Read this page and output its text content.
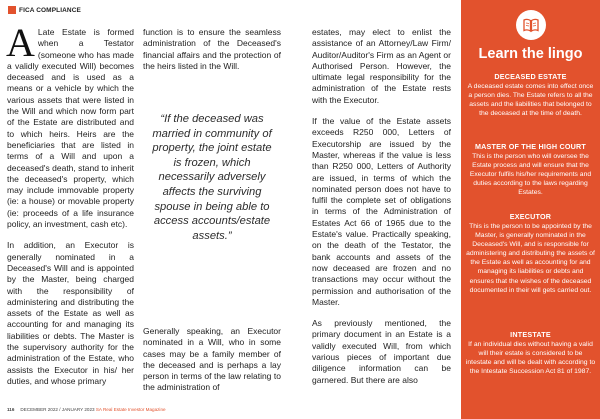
FICA COMPLIANCE

A Late Estate is formed when a Testator (someone who has made a validly executed Will) becomes deceased and is used as a means or a vehicle by which the various assets that were listed in the Will and which now form part of the Estate are distributed and to which heirs. Heirs are the beneficiaries that are listed in terms of a Will and upon a deceased's death, stand to inherit the deceased's property, which may include immovable property (ie: a house) or movable property (ie: proceeds of a life insurance policy, an investment, cash etc).

In addition, an Executor is generally nominated in a Deceased's Will and is appointed by the Master, being charged with the responsibility of administering and distributing the assets of the Estate as well as accounting for and managing its liabilities or debts. The Master is the supervisory authority for the administration of the Estate, who assists the Executor in his/ her duties, and whose primary

function is to ensure the seamless administration of the Deceased's financial affairs and the protection of the heirs listed in the Will.

“If the deceased was married in community of property, the joint estate is frozen, which necessarily adversely affects the surviving spouse in being able to access accounts/estate assets.”

Generally speaking, an Executor nominated in a Will, who in some cases may be a family member of the deceased and is perhaps a lay person in terms of the law relating to the administration of

estates, may elect to enlist the assistance of an Attorney/Law Firm/ Auditor/Auditor's Firm as an Agent or Authorised Person. However, the ultimate legal responsibility for the administration of the Estate rests with the Executor.

If the value of the Estate assets exceeds R250 000, Letters of Executorship are issued by the Master, whereas if the value is less than R250 000, Letters of Authority are issued, in terms of which the nominated person does not have to fulfil the complete set of obligations in terms of the Administration of Estates Act 66 of 1965 due to the Estate's value. Practically speaking, on the death of the Testator, the bank accounts and assets of the now deceased are frozen and no transactions may occur without the permission and authorisation of the Master.

As previously mentioned, the primary document in an Estate is a validly executed Will, from which various pieces of important due diligence information can be garnered. But there are also

Learn the lingo
DECEASED ESTATE
A deceased estate comes into effect once a person dies. The Estate refers to all the assets and the liabilities that belonged to the deceased at the time of death.
MASTER OF THE HIGH COURT
This is the person who will oversee the Estate process and will ensure that the Executor fulfils his/her requirements and duties according to the laws regarding Estates.
EXECUTOR
This is the person to be appointed by the Master, is generally nominated in the Deceased's Will, and is responsible for administering and distributing the assets of the Estate as well as accounting for and managing its liabilities or debts and ensures that the wishes of the deceased documented in their will gets carried out.
INTESTATE
If an individual dies without having a valid will their estate is considered to be intestate and will be dealt with according to the Intestate Succession Act 81 of 1987.
116 DECEMBER 2022 / JANUARY 2023 SA Real Estate Investor Magazine
